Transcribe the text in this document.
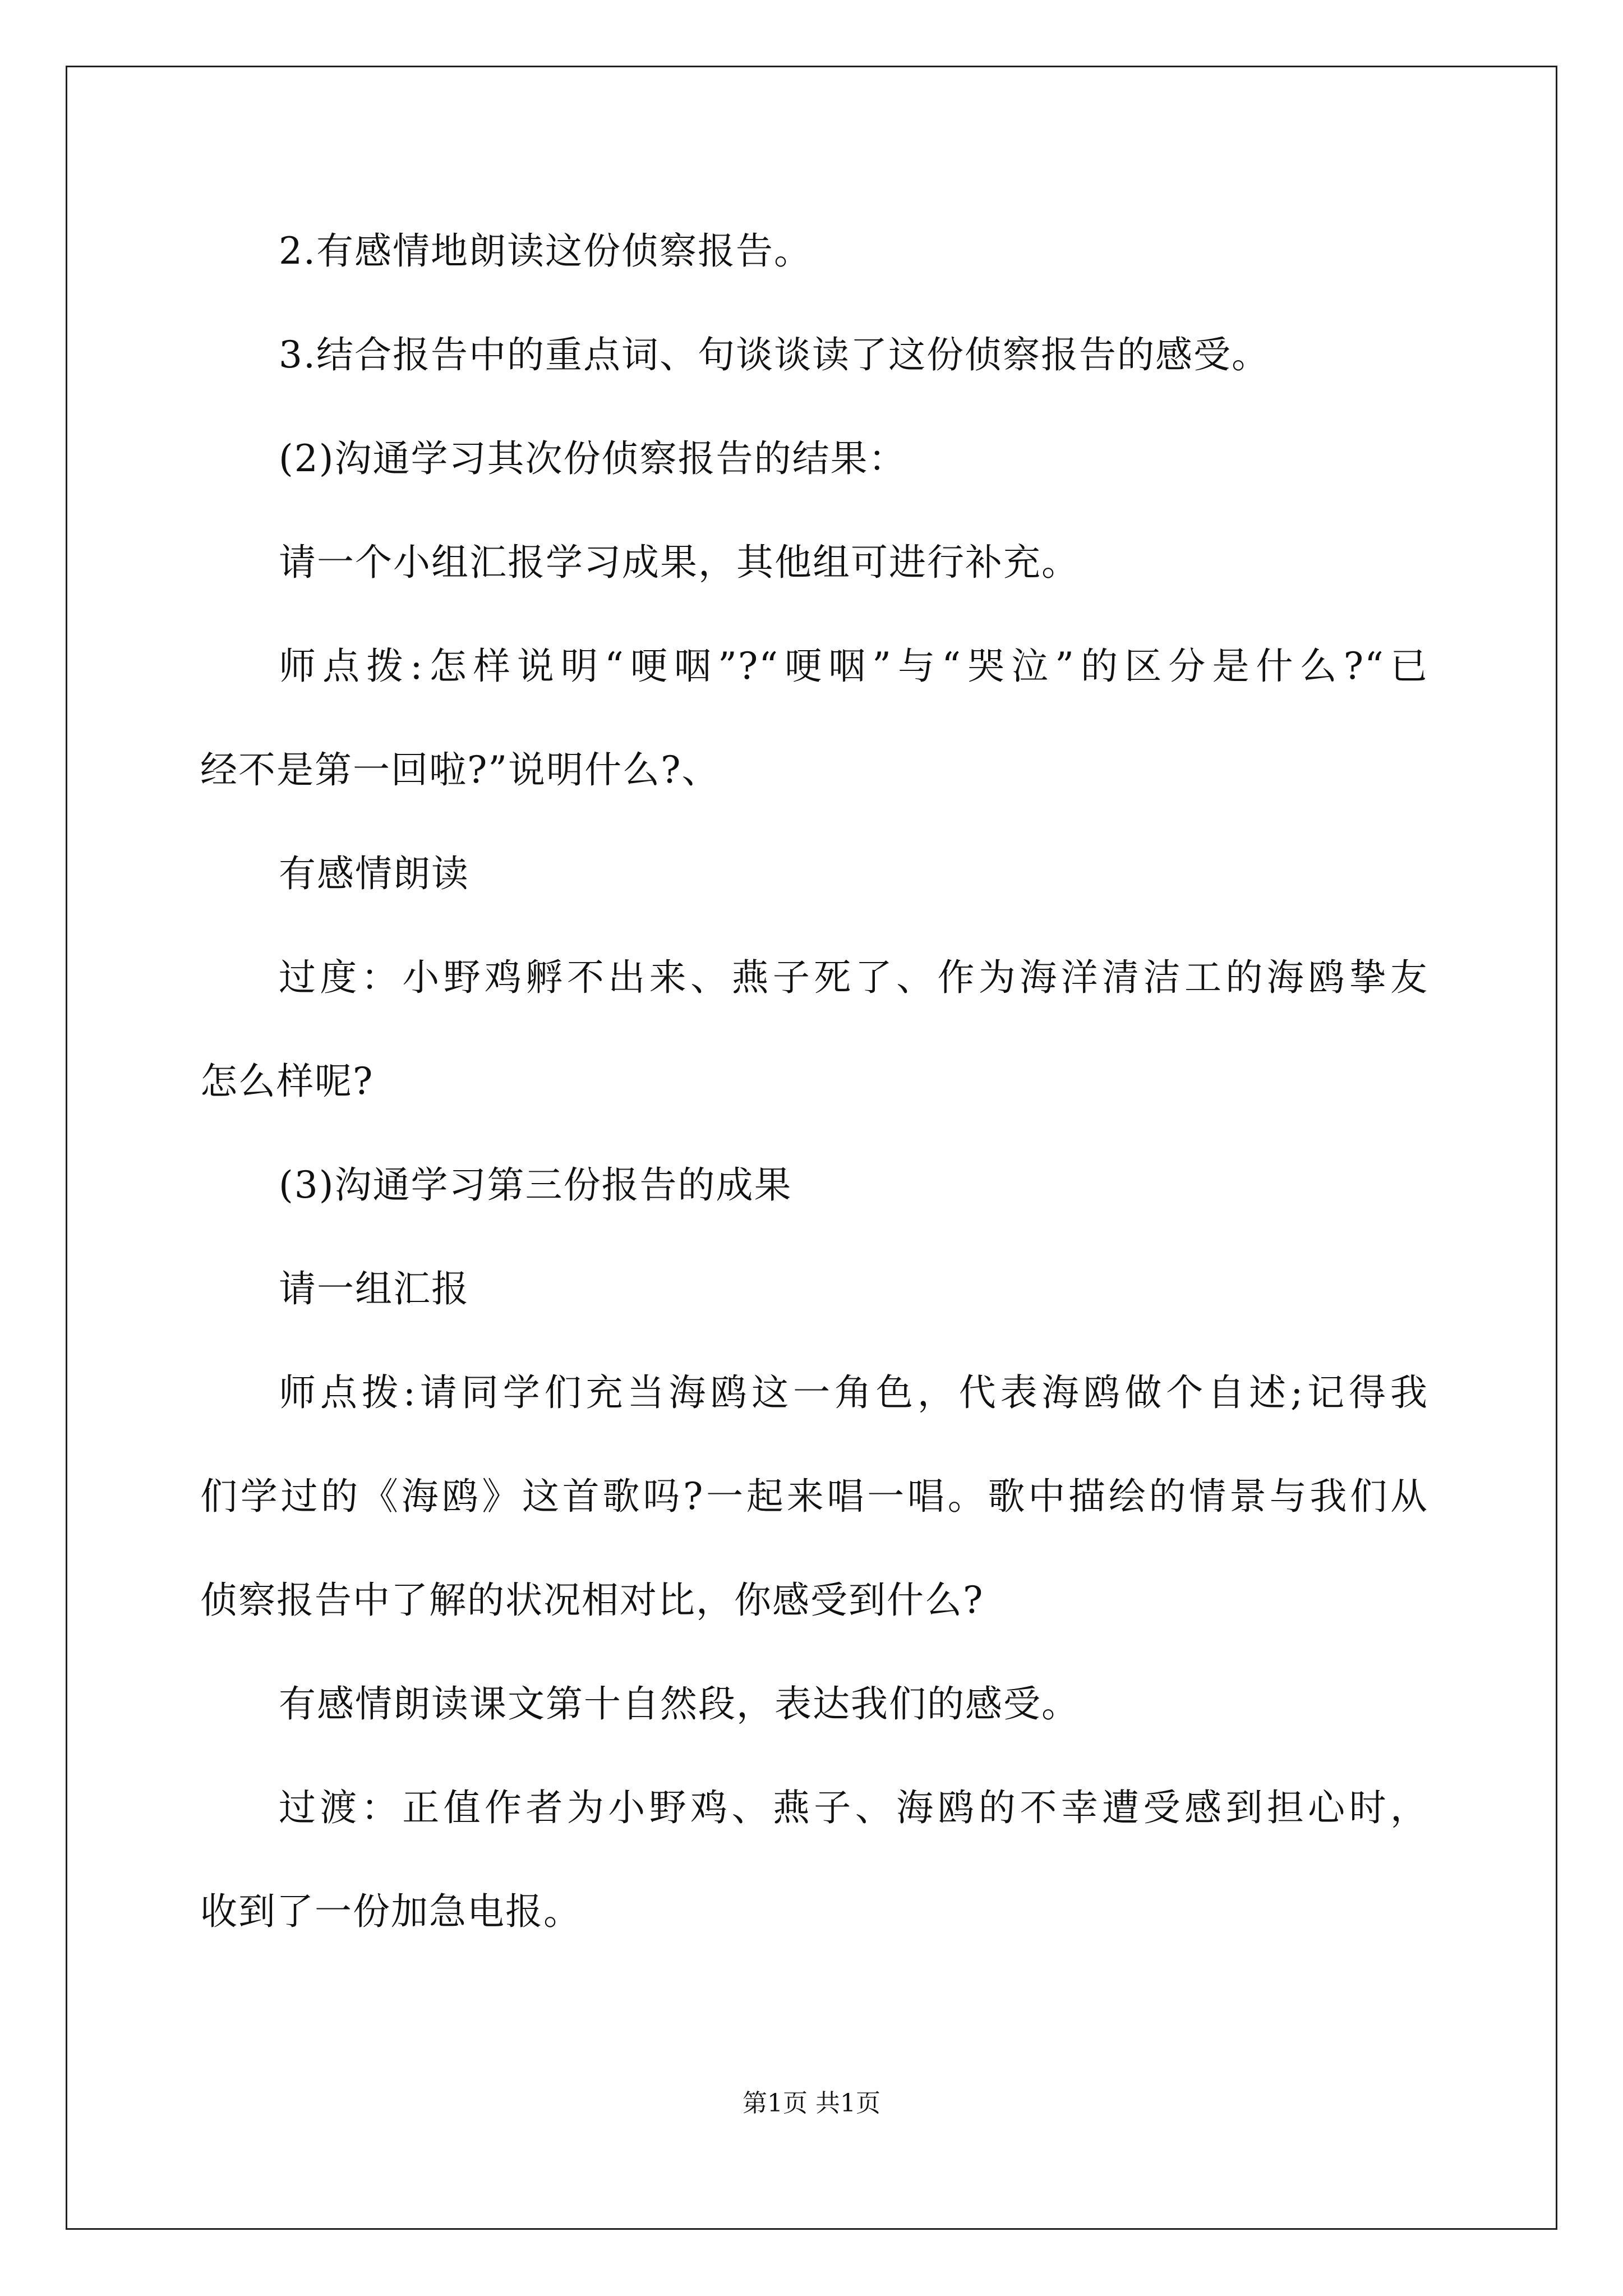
2.有感情地朗读这份侦察报告。
3.结合报告中的重点词、句谈谈读了这份侦察报告的感受。
(2)沟通学习其次份侦察报告的结果：
请一个小组汇报学习成果，其他组可进行补充。
师点拨:怎样说明“哽咽”?“哽咽”与“哭泣”的区分是什么?“已
经不是第一回啦?”说明什么?、
有感情朗读
过度：小野鸡孵不出来、燕子死了、作为海洋清洁工的海鸥挚友
怎么样呢?
(3)沟通学习第三份报告的成果
请一组汇报
师点拨:请同学们充当海鸥这一角色，代表海鸥做个自述;记得我
们学过的《海鸥》这首歌吗?一起来唱一唱。歌中描绘的情景与我们从
侦察报告中了解的状况相对比，你感受到什么?
有感情朗读课文第十自然段，表达我们的感受。
过渡：正值作者为小野鸡、燕子、海鸥的不幸遭受感到担心时，
收到了一份加急电报。
第1页 共1页
